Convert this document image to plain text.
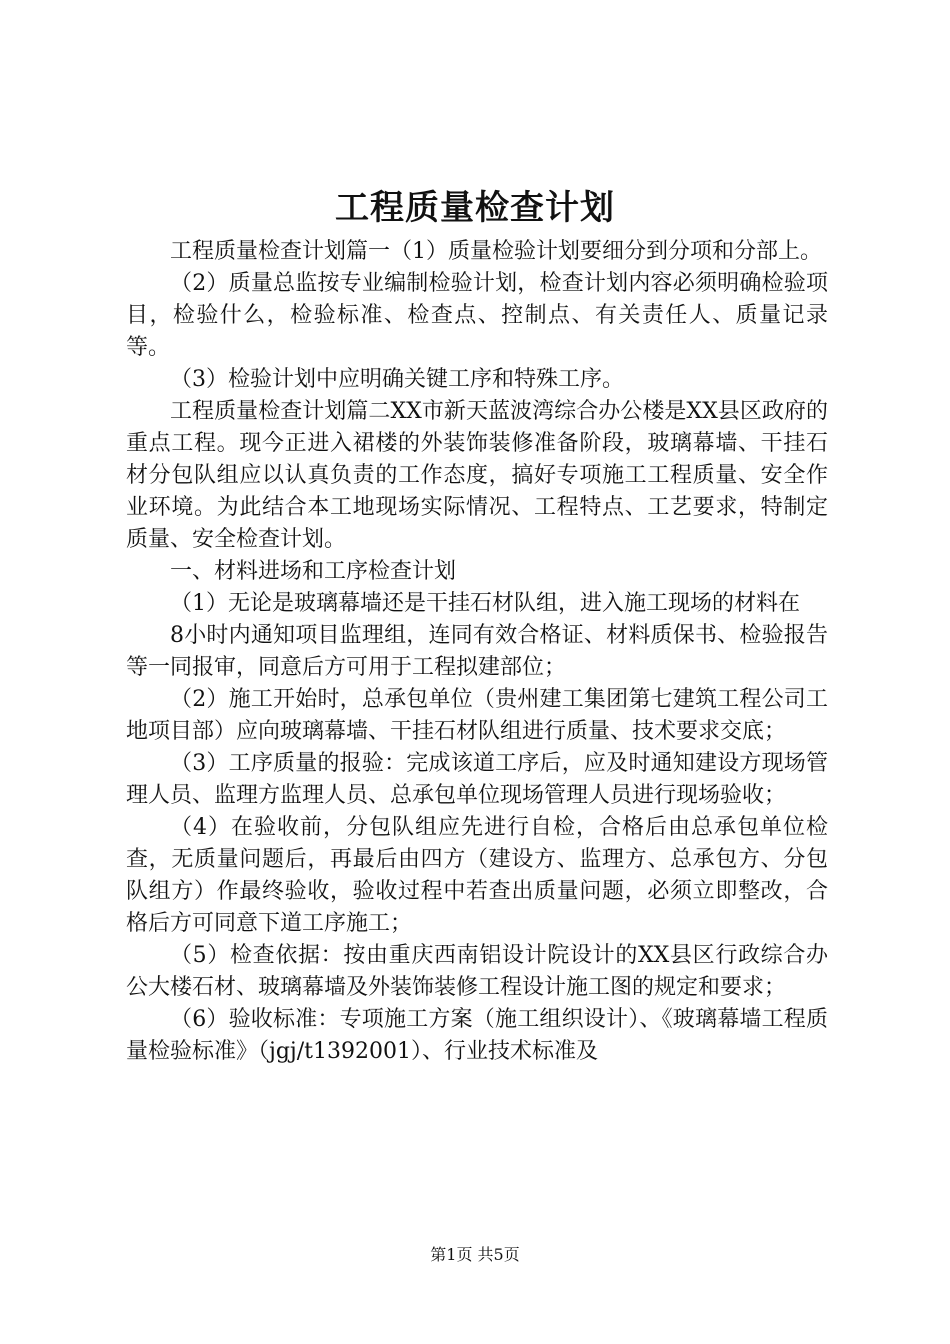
工程质量检查计划

工程质量检查计划篇一（1）质量检验计划要细分到分项和分部上。

（2）质量总监按专业编制检验计划，检查计划内容必须明确检验项目，检验什么，检验标准、检查点、控制点、有关责任人、质量记录等。

（3）检验计划中应明确关键工序和特殊工序。

工程质量检查计划篇二XX市新天蓝波湾综合办公楼是XX县区政府的重点工程。现今正进入裙楼的外装饰装修准备阶段，玻璃幕墙、干挂石材分包队组应以认真负责的工作态度，搞好专项施工工程质量、安全作业环境。为此结合本工地现场实际情况、工程特点、工艺要求，特制定质量、安全检查计划。

一、材料进场和工序检查计划

（1）无论是玻璃幕墙还是干挂石材队组，进入施工现场的材料在

8小时内通知项目监理组，连同有效合格证、材料质保书、检验报告等一同报审，同意后方可用于工程拟建部位；

（2）施工开始时，总承包单位（贵州建工集团第七建筑工程公司工地项目部）应向玻璃幕墙、干挂石材队组进行质量、技术要求交底；

（3）工序质量的报验：完成该道工序后，应及时通知建设方现场管理人员、监理方监理人员、总承包单位现场管理人员进行现场验收；

（4）在验收前，分包队组应先进行自检，合格后由总承包单位检查，无质量问题后，再最后由四方（建设方、监理方、总承包方、分包队组方）作最终验收，验收过程中若查出质量问题，必须立即整改，合格后方可同意下道工序施工；

（5）检查依据：按由重庆西南铝设计院设计的XX县区行政综合办公大楼石材、玻璃幕墙及外装饰装修工程设计施工图的规定和要求；

（6）验收标准：专项施工方案（施工组织设计）、《玻璃幕墙工程质量检验标准》（jgj/t1392001）、行业技术标准及

第1页 共5页
